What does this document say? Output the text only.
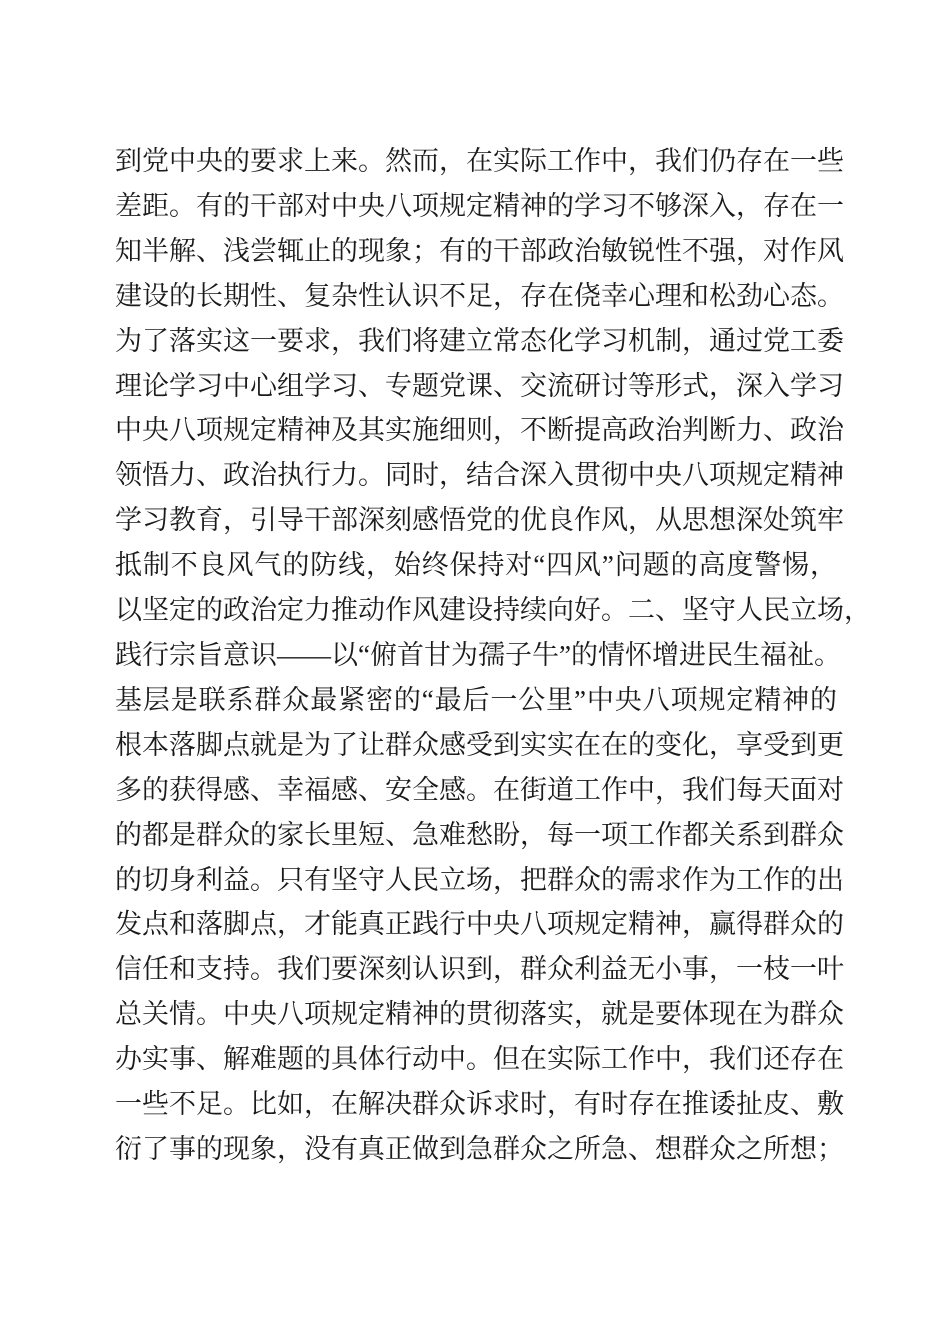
到党中央的要求上来。然而，在实际工作中，我们仍存在一些
差距。有的干部对中央八项规定精神的学习不够深入，存在一
知半解、浅尝辄止的现象；有的干部政治敏锐性不强，对作风
建设的长期性、复杂性认识不足，存在侥幸心理和松劲心态。
为了落实这一要求，我们将建立常态化学习机制，通过党工委
理论学习中心组学习、专题党课、交流研讨等形式，深入学习
中央八项规定精神及其实施细则，不断提高政治判断力、政治
领悟力、政治执行力。同时，结合深入贯彻中央八项规定精神
学习教育，引导干部深刻感悟党的优良作风，从思想深处筑牢
抵制不良风气的防线，始终保持对“四风”问题的高度警惕，
以坚定的政治定力推动作风建设持续向好。二、坚守人民立场，
践行宗旨意识——以“俯首甘为孺子牛”的情怀增进民生福祉。
基层是联系群众最紧密的“最后一公里”中央八项规定精神的
根本落脚点就是为了让群众感受到实实在在的变化，享受到更
多的获得感、幸福感、安全感。在街道工作中，我们每天面对
的都是群众的家长里短、急难愁盼，每一项工作都关系到群众
的切身利益。只有坚守人民立场，把群众的需求作为工作的出
发点和落脚点，才能真正践行中央八项规定精神，赢得群众的
信任和支持。我们要深刻认识到，群众利益无小事，一枝一叶
总关情。中央八项规定精神的贯彻落实，就是要体现在为群众
办实事、解难题的具体行动中。但在实际工作中，我们还存在
一些不足。比如，在解决群众诉求时，有时存在推诿扯皮、敷
衍了事的现象，没有真正做到急群众之所急、想群众之所想；
